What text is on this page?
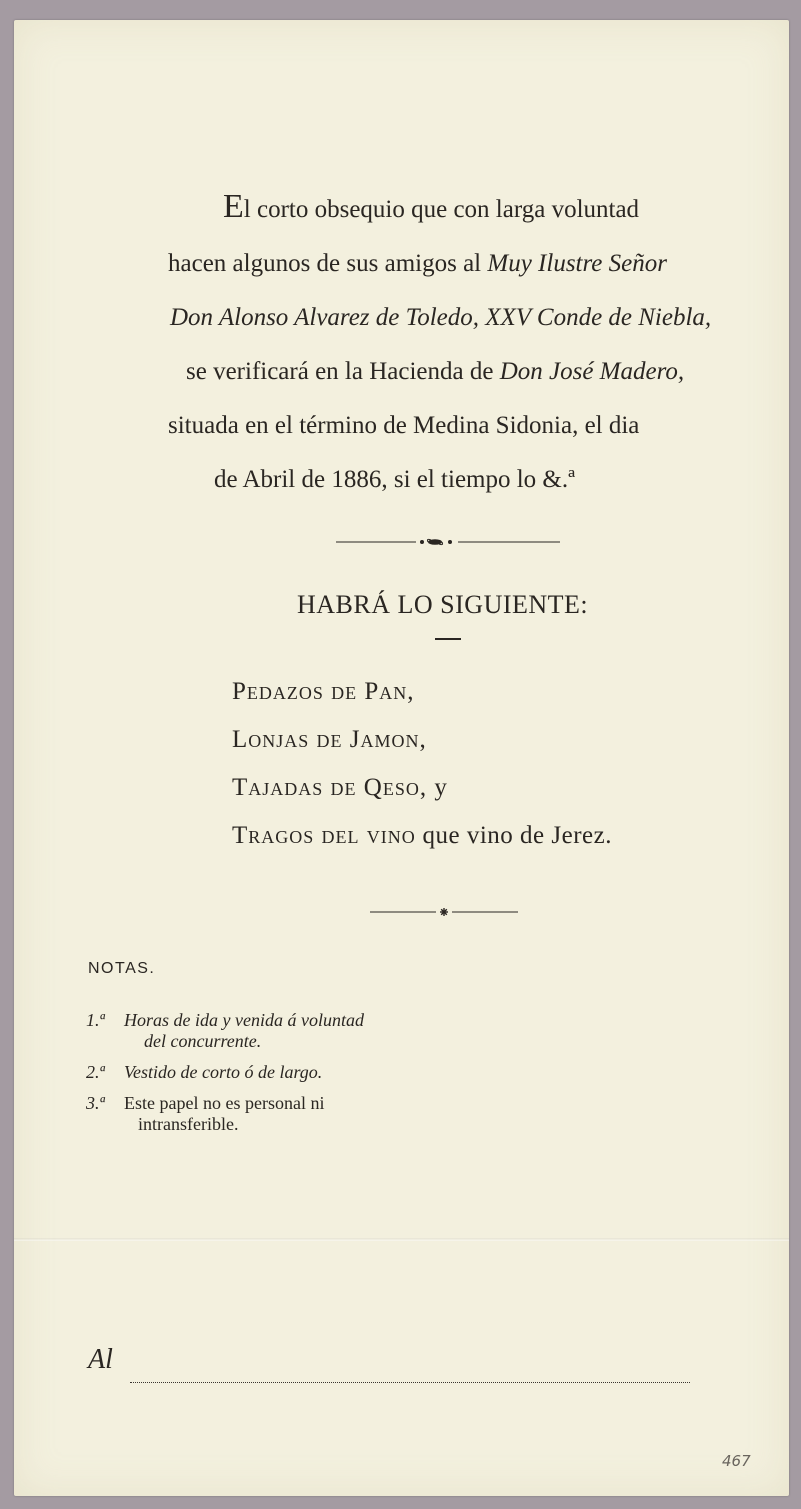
El corto obsequio que con larga voluntad
hacen algunos de sus amigos al Muy Ilustre Señor
Don Alonso Alvarez de Toledo, XXV Conde de Niebla,
se verificará en la Hacienda de Don José Madero,
situada en el término de Medina Sidonia, el dia
de Abril de 1886, si el tiempo lo &.ª
HABRÁ LO SIGUIENTE:
Pedazos de Pan,
Lonjas de Jamon,
Tajadas de Qeso, y
Tragos del vino que vino de Jerez.
NOTAS.
1.ª Horas de ida y venida á voluntad
del concurrente.
2.ª Vestido de corto ó de largo.
3.ª Este papel no es personal ni
intransferible.
Al
467
